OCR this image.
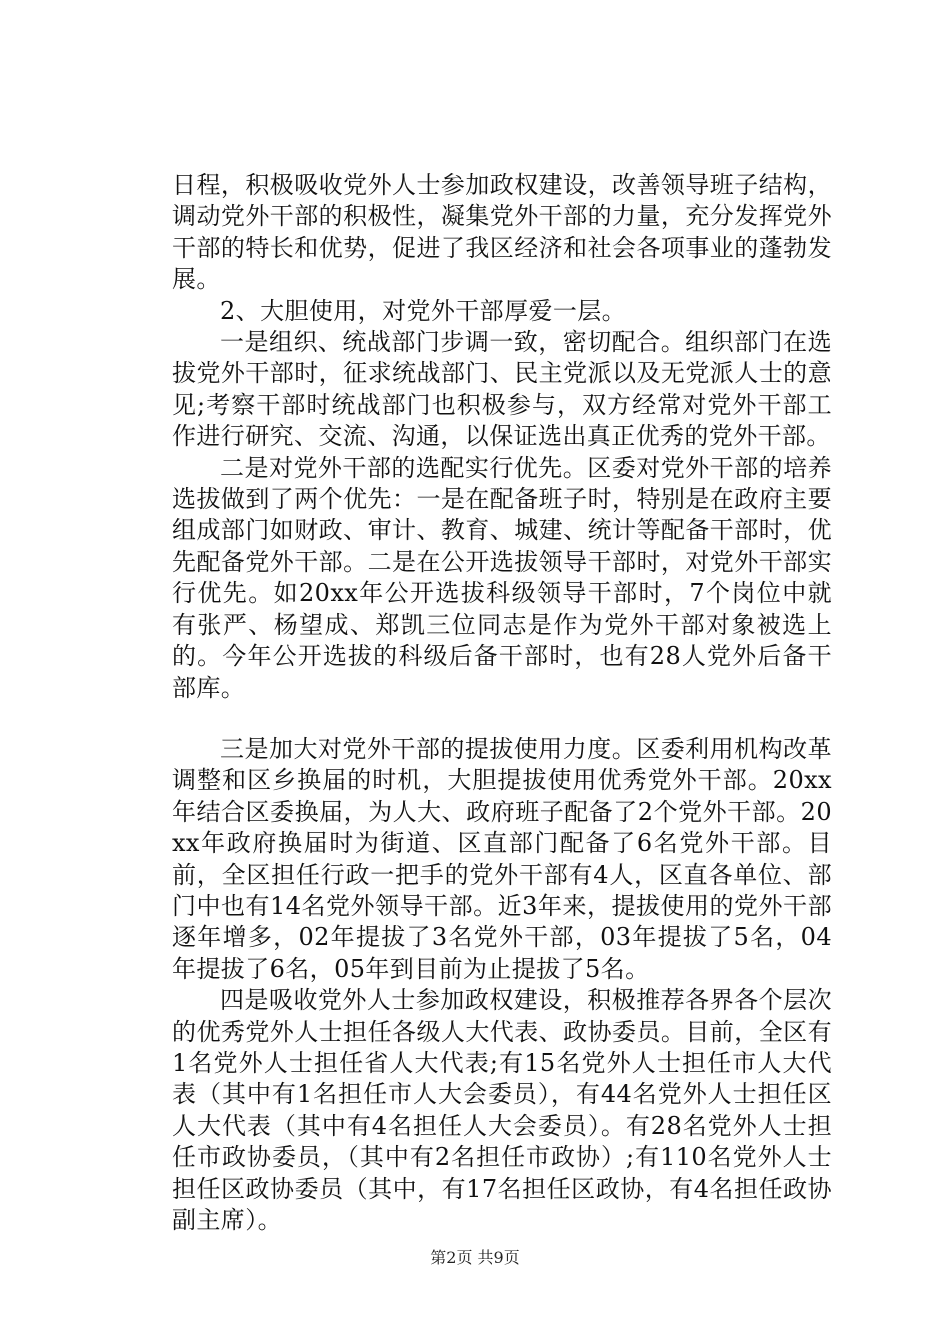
日程，积极吸收党外人士参加政权建设，改善领导班子结构，调动党外干部的积极性，凝集党外干部的力量，充分发挥党外干部的特长和优势，促进了我区经济和社会各项事业的蓬勃发展。

2、大胆使用，对党外干部厚爱一层。

一是组织、统战部门步调一致，密切配合。组织部门在选拔党外干部时，征求统战部门、民主党派以及无党派人士的意见;考察干部时统战部门也积极参与，双方经常对党外干部工作进行研究、交流、沟通，以保证选出真正优秀的党外干部。

二是对党外干部的选配实行优先。区委对党外干部的培养选拔做到了两个优先：一是在配备班子时，特别是在政府主要组成部门如财政、审计、教育、城建、统计等配备干部时，优先配备党外干部。二是在公开选拔领导干部时，对党外干部实行优先。如20xx年公开选拔科级领导干部时，7个岗位中就有张严、杨望成、郑凯三位同志是作为党外干部对象被选上的。今年公开选拔的科级后备干部时，也有28人党外后备干部库。

三是加大对党外干部的提拔使用力度。区委利用机构改革调整和区乡换届的时机，大胆提拔使用优秀党外干部。20xx年结合区委换届，为人大、政府班子配备了2个党外干部。20xx年政府换届时为街道、区直部门配备了6名党外干部。目前，全区担任行政一把手的党外干部有4人，区直各单位、部门中也有14名党外领导干部。近3年来，提拔使用的党外干部逐年增多，02年提拔了3名党外干部，03年提拔了5名，04年提拔了6名，05年到目前为止提拔了5名。

四是吸收党外人士参加政权建设，积极推荐各界各个层次的优秀党外人士担任各级人大代表、政协委员。目前，全区有1名党外人士担任省人大代表;有15名党外人士担任市人大代表（其中有1名担任市人大会委员），有44名党外人士担任区人大代表（其中有4名担任人大会委员）。有28名党外人士担任市政协委员，（其中有2名担任市政协）;有110名党外人士担任区政协委员（其中，有17名担任区政协，有4名担任政协副主席）。

第2页 共9页
